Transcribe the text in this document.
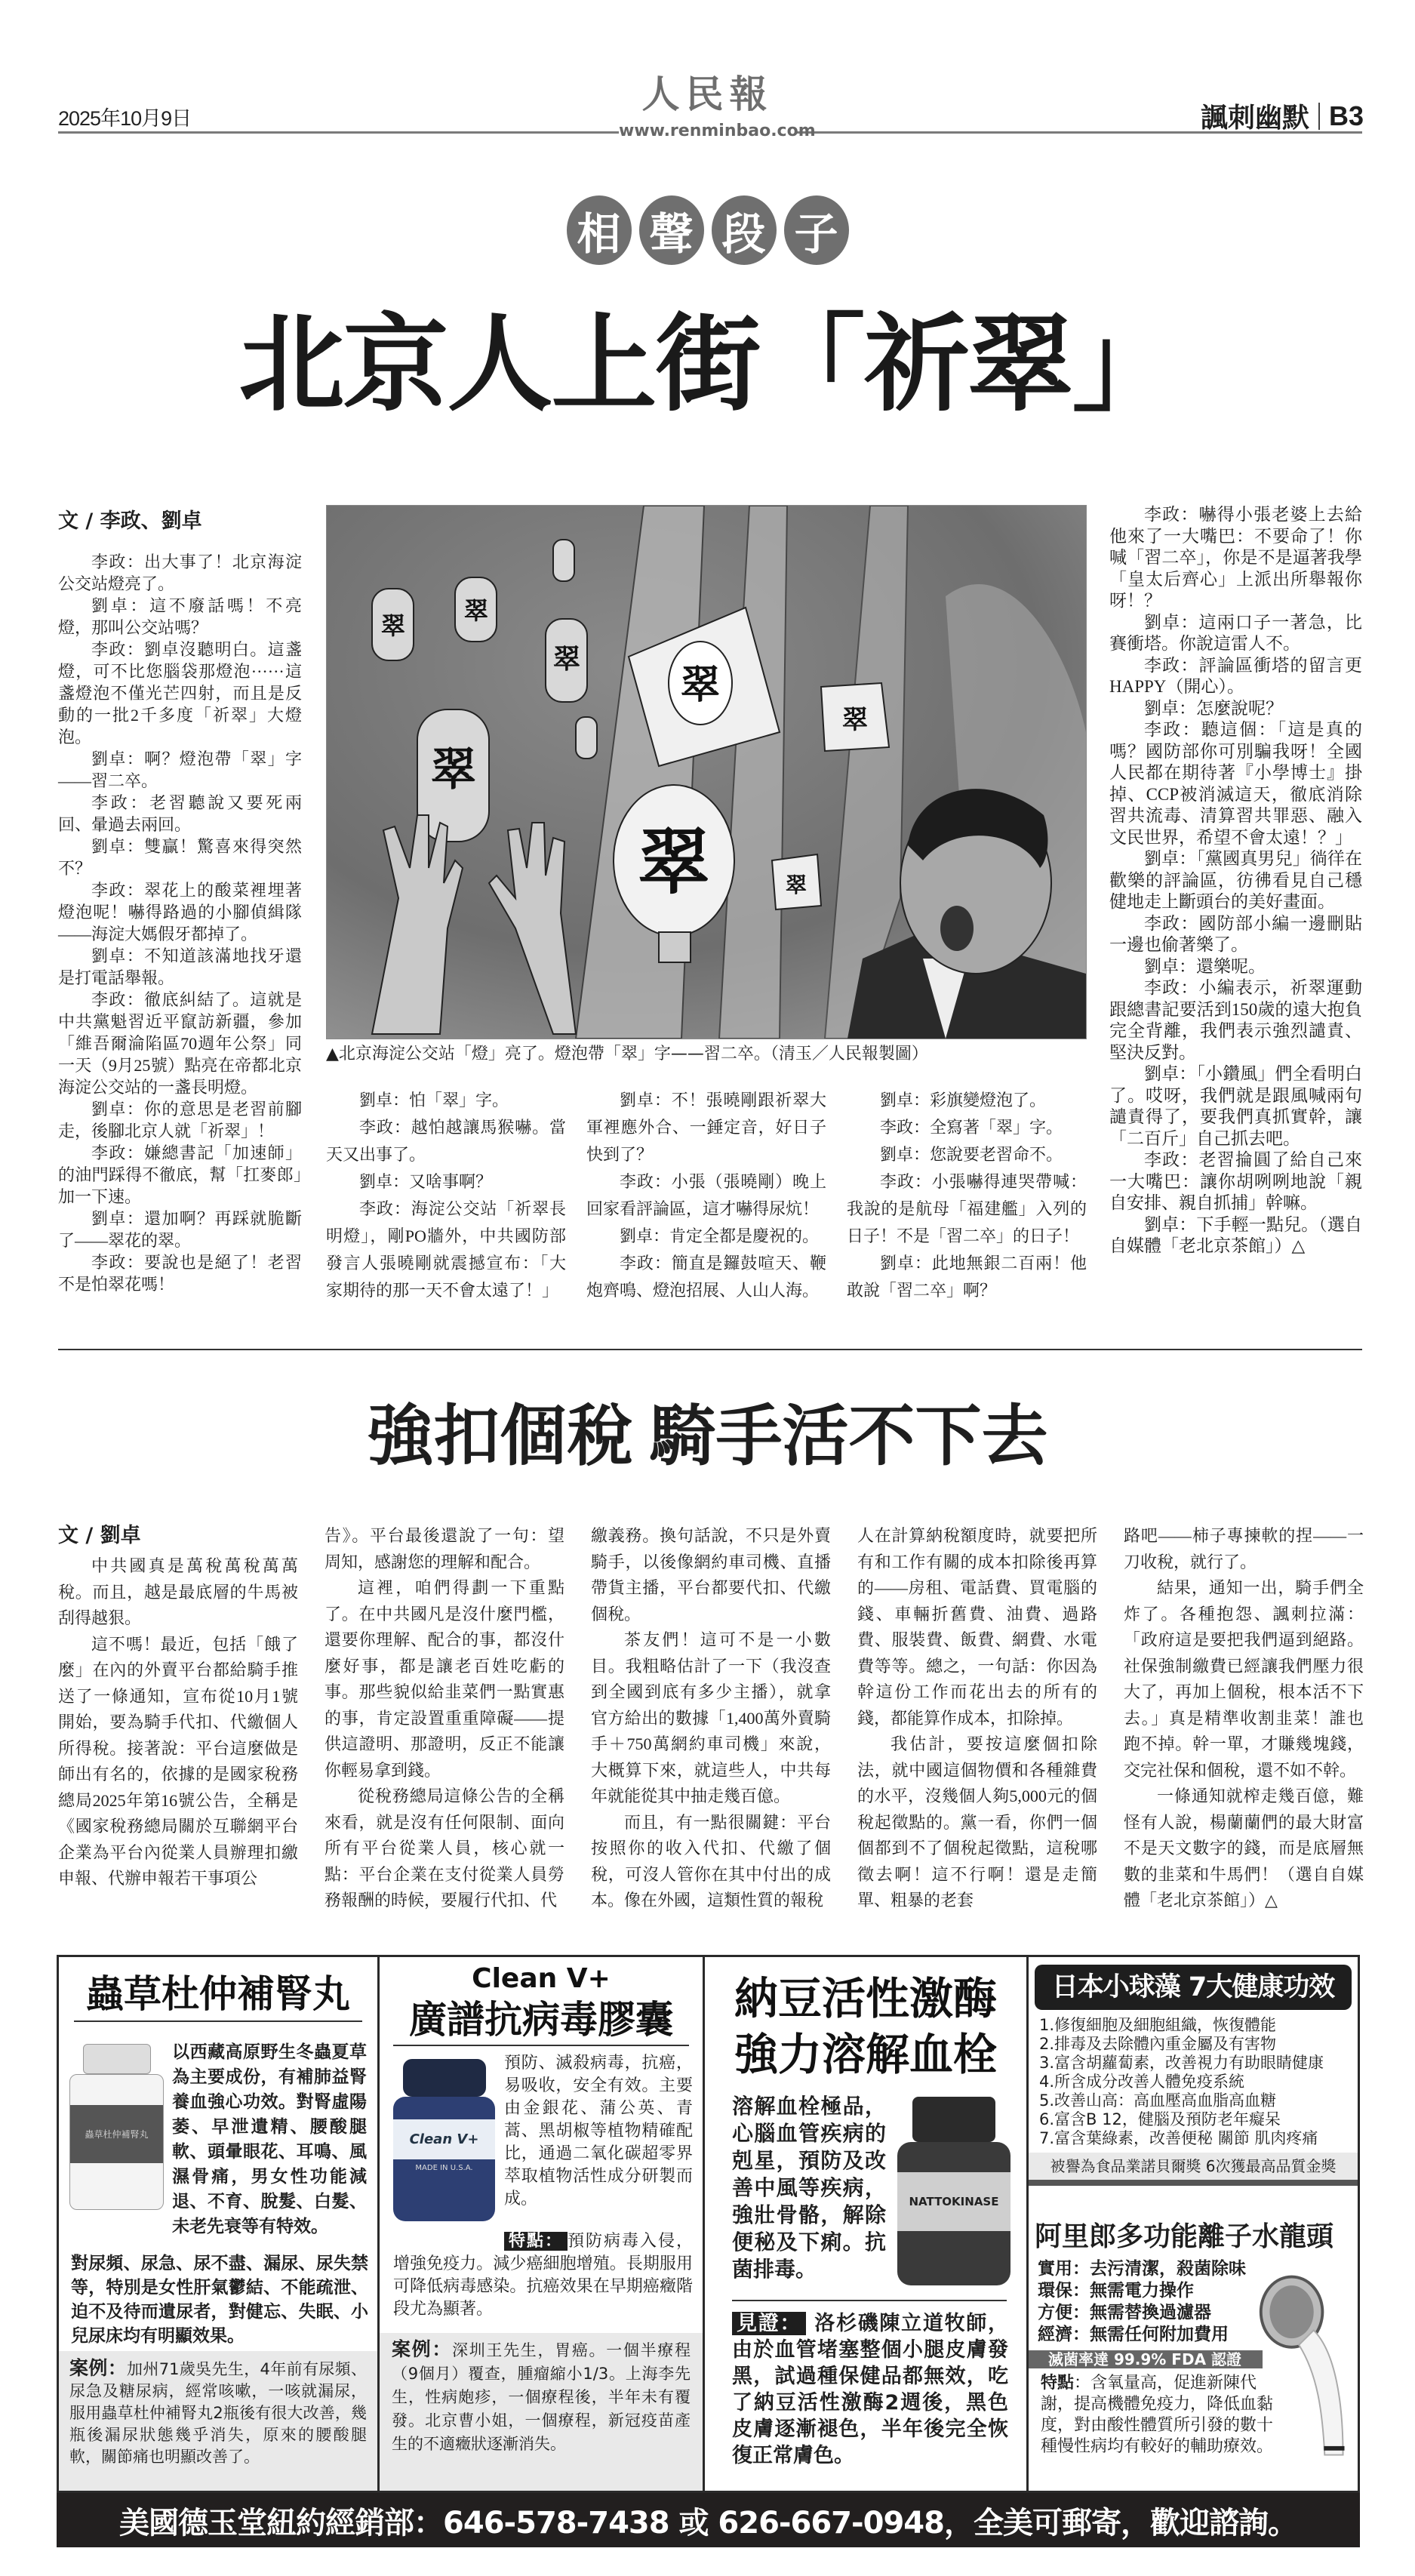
2025年10月9日
人民報
www.renminbao.com	諷刺幽默 B3
相 聲 段 子
北京人上街「祈翠」
文 / 李政、劉卓

李政：出大事了！北京海淀公交站燈亮了。

劉卓：這不廢話嗎！不亮燈，那叫公交站嗎？

李政：劉卓沒聽明白。這盞燈，可不比您腦袋那燈泡······這盞燈泡不僅光芒四射，而且是反動的一批2千多度「祈翠」大燈泡。

劉卓：啊？燈泡帶「翠」字——習二卒。

李政：老習聽說又要死兩回、暈過去兩回。

劉卓：雙贏！驚喜來得突然不？

李政：翠花上的酸菜裡埋著燈泡呢！嚇得路過的小腳偵緝隊——海淀大媽假牙都掉了。

劉卓：不知道該滿地找牙還是打電話舉報。

李政：徹底糾結了。這就是中共黨魁習近平竄訪新疆，參加「維吾爾淪陷區70週年公祭」同一天（9月25號）點亮在帝都北京海淀公交站的一盞長明燈。

劉卓：你的意思是老習前腳走，後腳北京人就「祈翠」！

李政：嫌總書記「加速師」的油門踩得不徹底，幫「扛麥郎」加一下速。

劉卓：還加啊？再踩就脆斷了——翠花的翠。

李政：要說也是絕了！老習不是怕翠花嗎！

翠
翠
翠
翠
翠
翠
翠
翠
▲北京海淀公交站「燈」亮了。燈泡帶「翠」字——習二卒。（清玉／人民報製圖）

劉卓：怕「翠」字。

李政：越怕越讓馬猴嚇。當天又出事了。

劉卓：又啥事啊？

李政：海淀公交站「祈翠長明燈」，剛PO牆外，中共國防部發言人張曉剛就震撼宣布：「大家期待的那一天不會太遠了！」

劉卓：不！張曉剛跟祈翠大軍裡應外合、一錘定音，好日子快到了？

李政：小張（張曉剛）晚上回家看評論區，這才嚇得尿炕！

劉卓：肯定全都是慶祝的。

李政：簡直是鑼鼓喧天、鞭炮齊鳴、燈泡招展、人山人海。

劉卓：彩旗變燈泡了。

李政：全寫著「翠」字。

劉卓：您說要老習命不。

李政：小張嚇得連哭帶喊：我說的是航母「福建艦」入列的日子！不是「習二卒」的日子！

劉卓：此地無銀二百兩！他敢說「習二卒」啊？

李政：嚇得小張老婆上去給他來了一大嘴巴：不要命了！你喊「習二卒」，你是不是逼著我學「皇太后齊心」上派出所舉報你呀！？

劉卓：這兩口子一著急，比賽衝塔。你說這雷人不。

李政：評論區衝塔的留言更HAPPY（開心）。

劉卓：怎麼說呢？

李政：聽這個：「這是真的嗎？國防部你可別騙我呀！全國人民都在期待著『小學博士』掛掉、CCP被消滅這天，徹底消除習共流毒、清算習共罪惡、融入文民世界，希望不會太遠！？」

劉卓：「黨國真男兒」徜徉在歡樂的評論區，彷彿看見自己穩健地走上斷頭台的美好畫面。

李政：國防部小編一邊刪貼一邊也偷著樂了。

劉卓：還樂呢。

李政：小編表示，祈翠運動跟總書記要活到150歲的遠大抱負完全背離，我們表示強烈譴責、堅決反對。

劉卓：「小鑽風」們全看明白了。哎呀，我們就是跟風喊兩句譴責得了，要我們真抓實幹，讓「二百斤」自己抓去吧。

李政：老習掄圓了給自己來一大嘴巴：讓你胡咧咧地說「親自安排、親自抓捕」幹嘛。

劉卓：下手輕一點兒。（選自自媒體「老北京茶館」）△

強扣個稅 騎手活不下去
文 / 劉卓

中共國真是萬稅萬稅萬萬稅。而且，越是最底層的牛馬被刮得越狠。

這不嗎！最近，包括「餓了麼」在內的外賣平台都給騎手推送了一條通知，宣布從10月1號開始，要為騎手代扣、代繳個人所得稅。接著說：平台這麼做是師出有名的，依據的是國家稅務總局2025年第16號公告，全稱是《國家稅務總局關於互聯網平台企業為平台內從業人員辦理扣繳申報、代辦申報若干事項公

告》。平台最後還說了一句：望周知，感謝您的理解和配合。

這裡，咱們得劃一下重點了。在中共國凡是沒什麼門檻，還要你理解、配合的事，都沒什麼好事，都是讓老百姓吃虧的事。那些貌似給韭菜們一點實惠的事，肯定設置重重障礙——提供這證明、那證明，反正不能讓你輕易拿到錢。

從稅務總局這條公告的全稱來看，就是沒有任何限制、面向所有平台從業人員，核心就一點：平台企業在支付從業人員勞務報酬的時候，要履行代扣、代

繳義務。換句話說，不只是外賣騎手，以後像網約車司機、直播帶貨主播，平台都要代扣、代繳個稅。

茶友們！這可不是一小數目。我粗略估計了一下（我沒查到全國到底有多少主播），就拿官方給出的數據「1,400萬外賣騎手＋750萬網約車司機」來說，大概算下來，就這些人，中共每年就能從其中抽走幾百億。

而且，有一點很關鍵：平台按照你的收入代扣、代繳了個稅，可沒人管你在其中付出的成本。像在外國，這類性質的報稅

人在計算納稅額度時，就要把所有和工作有關的成本扣除後再算的——房租、電話費、買電腦的錢、車輛折舊費、油費、過路費、服裝費、飯費、網費、水電費等等。總之，一句話：你因為幹這份工作而花出去的所有的錢，都能算作成本，扣除掉。

我估計，要按這麼個扣除法，就中國這個物價和各種雜費的水平，沒幾個人夠5,000元的個稅起徵點的。黨一看，你們一個個都到不了個稅起徵點，這稅哪徵去啊！這不行啊！還是走簡單、粗暴的老套

路吧——柿子專揀軟的捏——一刀收稅，就行了。

結果，通知一出，騎手們全炸了。各種抱怨、諷刺拉滿：「政府這是要把我們逼到絕路。社保強制繳費已經讓我們壓力很大了，再加上個稅，根本活不下去。」真是精準收割韭菜！誰也跑不掉。幹一單，才賺幾塊錢，交完社保和個稅，還不如不幹。

一條通知就榨走幾百億，難怪有人說，楊蘭蘭們的最大財富不是天文數字的錢，而是底層無數的韭菜和牛馬們！（選自自媒體「老北京茶館」）△

蟲草杜仲補腎丸
蟲草杜仲補腎丸
以西藏高原野生冬蟲夏草為主要成份，有補肺益腎養血強心功效。對腎虛陽萎、早泄遺精、腰酸腿軟、頭暈眼花、耳鳴、風濕骨痛，男女性功能減退、不育、脫髮、白髮、未老先衰等有特效。
對尿頻、尿急、尿不盡、漏尿、尿失禁等，特別是女性肝氣鬱結、不能疏泄、迫不及待而遺尿者，對健忘、失眠、小兒尿床均有明顯效果。
案例：加州71歲吳先生，4年前有尿頻、尿急及糖尿病，經常咳嗽，一咳就漏尿，服用蟲草杜仲補腎丸2瓶後有很大改善，幾瓶後漏尿狀態幾乎消失，原來的腰酸腿軟，關節痛也明顯改善了。
Clean V+
廣譜抗病毒膠囊
Clean V+
MADE IN U.S.A.
預防、滅殺病毒，抗癌，易吸收，安全有效。主要由金銀花、蒲公英、青蒿、黑胡椒等植物精確配比，通過二氧化碳超零界萃取植物活性成分研製而成。
特點： 預防病毒入侵，增強免疫力。減少癌細胞增殖。長期服用可降低病毒感染。抗癌效果在早期癌癥階段尤為顯著。
案例：深圳王先生，胃癌。一個半療程（9個月）覆查，腫瘤縮小1/3。上海李先生，性病皰疹，一個療程後，半年未有覆發。北京曹小姐，一個療程，新冠疫苗產生的不適癥狀逐漸消失。
納豆活性激酶
強力溶解血栓
溶解血栓極品，心腦血管疾病的剋星，預防及改善中風等疾病，強壯骨骼，解除便秘及下痢。抗菌排毒。
NATTOKINASE
見證： 洛杉磯陳立道牧師，由於血管堵塞整個小腿皮膚發黑，試過種保健品都無效，吃了納豆活性激酶2週後，黑色皮膚逐漸褪色，半年後完全恢復正常膚色。
日本小球藻 7大健康功效
1.修復細胞及細胞組織，恢復體能
2.排毒及去除體內重金屬及有害物
3.富含胡蘿蔔素，改善視力有助眼睛健康
4.所含成分改善人體免疫系統
5.改善山高：高血壓高血脂高血糖
6.富含B 12，健腦及預防老年癡呆
7.富含葉綠素，改善便秘 關節 肌肉疼痛
被譽為食品業諾貝爾獎 6次獲最高品質金獎
阿里郎多功能離子水龍頭
實用：去污清潔，殺菌除味
環保：無需電力操作
方便：無需替換過濾器
經濟：無需任何附加費用
滅菌率達 99.9% FDA 認證
特點：含氧量高，促進新陳代謝，提高機體免疫力，降低血黏度，對由酸性體質所引發的數十種慢性病均有較好的輔助療效。
美國德玉堂紐約經銷部：646-578-7438 或 626-667-0948，全美可郵寄，歡迎諮詢。
